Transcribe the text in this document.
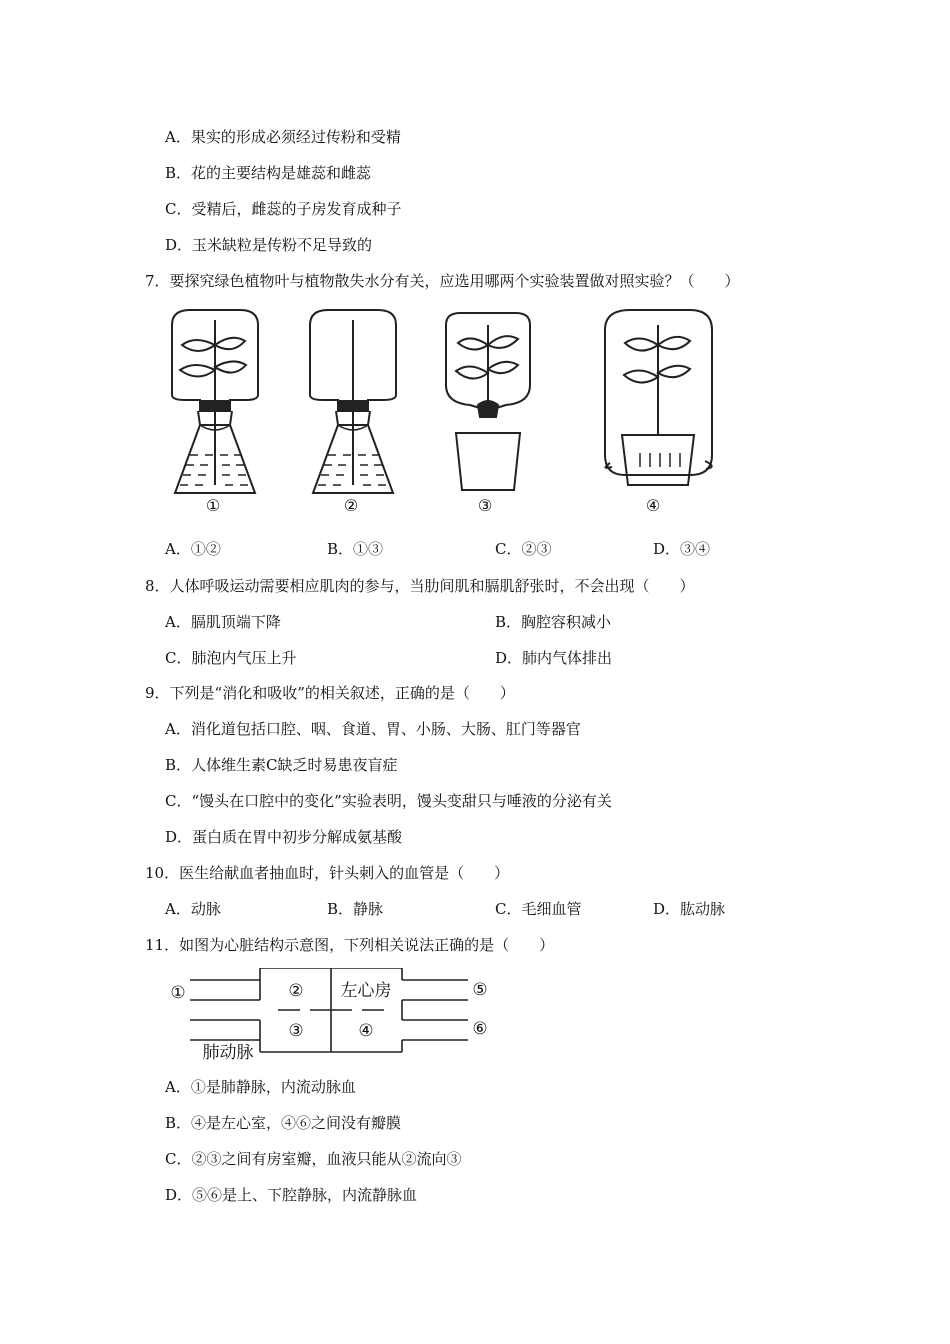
A．果实的形成必须经过传粉和受精
B．花的主要结构是雄蕊和雌蕊
C．受精后，雌蕊的子房发育成种子
D．玉米缺粒是传粉不足导致的
7．要探究绿色植物叶与植物散失水分有关，应选用哪两个实验装置做对照实验？（　　）
①	②	③	④
A．①②	B．①③	C．②③	D．③④
8．人体呼吸运动需要相应肌肉的参与，当肋间肌和膈肌舒张时，不会出现（　　）
A．膈肌顶端下降	B．胸腔容积减小
C．肺泡内气压上升	D．肺内气体排出
9．下列是“消化和吸收”的相关叙述，正确的是（　　）
A．消化道包括口腔、咽、食道、胃、小肠、大肠、肛门等器官
B．人体维生素C缺乏时易患夜盲症
C．“馒头在口腔中的变化”实验表明，馒头变甜只与唾液的分泌有关
D．蛋白质在胃中初步分解成氨基酸
10．医生给献血者抽血时，针头刺入的血管是（　　）
A．动脉	B．静脉	C．毛细血管	D．肱动脉
11．如图为心脏结构示意图，下列相关说法正确的是（　　）
①	②
③	④
⑤
⑥
左心房
肺动脉
A．①是肺静脉，内流动脉血
B．④是左心室，④⑥之间没有瓣膜
C．②③之间有房室瓣，血液只能从②流向③
D．⑤⑥是上、下腔静脉，内流静脉血
